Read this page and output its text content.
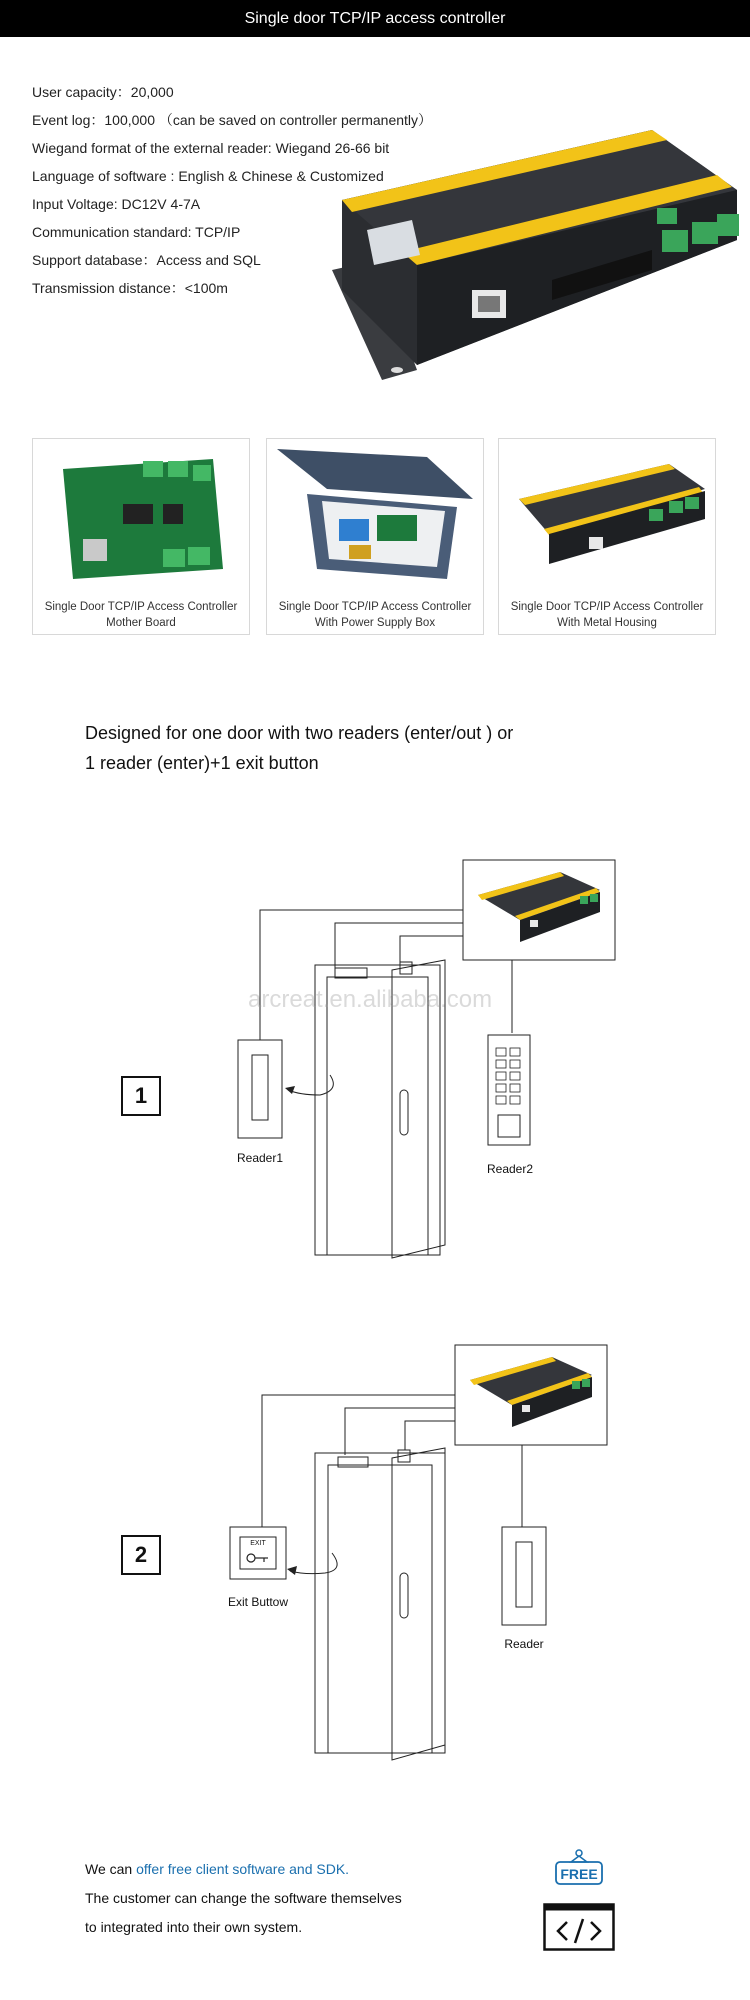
Single door TCP/IP access controller
User capacity：20,000
Event log：100,000 （can be saved on controller permanently）
Wiegand format of the external reader: Wiegand 26-66 bit
Language of software : English & Chinese & Customized
Input Voltage: DC12V 4-7A
Communication standard: TCP/IP
Support database：Access and SQL
Transmission distance：<100m
Single Door TCP/IP Access Controller
Mother Board
Single Door TCP/IP Access Controller
With Power Supply Box
Single Door TCP/IP Access Controller
With Metal Housing
Designed for one door with two readers (enter/out ) or
1 reader (enter)+1 exit button
1
Reader1
Reader2
arcreat.en.alibaba.com
2	EXIT
Exit Buttow
Reader
We can offer free client software and SDK.
The customer can change the software themselves
to integrated into their own system.
FREE
